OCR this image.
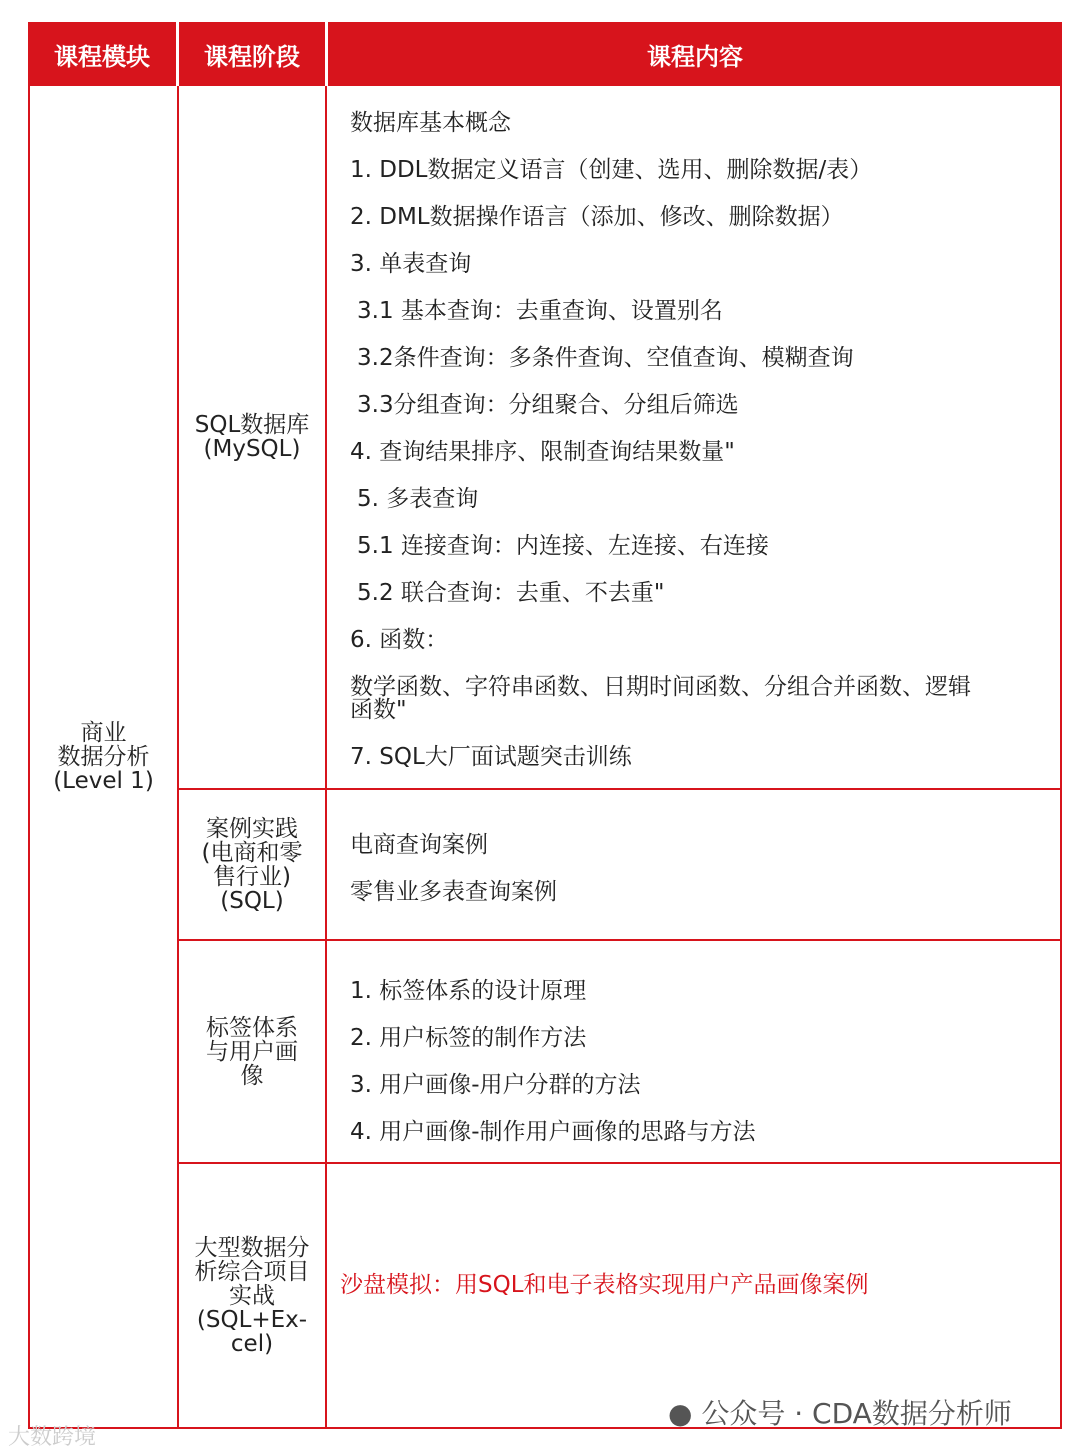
课程模块	课程阶段	课程内容
商业
数据分析
(Level 1)
SQL数据库
(MySQL)
案例实践
(电商和零
售行业)
(SQL)
标签体系
与用户画
像
大型数据分
析综合项目
实战
(SQL+Ex-
cel)
数据库基本概念
1. DDL数据定义语言（创建、选用、删除数据/表）
2. DML数据操作语言（添加、修改、删除数据）
3. 单表查询
3.1 基本查询：去重查询、设置别名
3.2条件查询：多条件查询、空值查询、模糊查询
3.3分组查询：分组聚合、分组后筛选
4. 查询结果排序、限制查询结果数量"
5. 多表查询
5.1 连接查询：内连接、左连接、右连接
5.2 联合查询：去重、不去重"
6. 函数：
数学函数、字符串函数、日期时间函数、分组合并函数、逻辑
函数"
7. SQL大厂面试题突击训练
电商查询案例
零售业多表查询案例
1. 标签体系的设计原理
2. 用户标签的制作方法
3. 用户画像-用户分群的方法
4. 用户画像-制作用户画像的思路与方法
沙盘模拟：用SQL和电子表格实现用户产品画像案例
● 公众号 · CDA数据分析师
大数跨境
